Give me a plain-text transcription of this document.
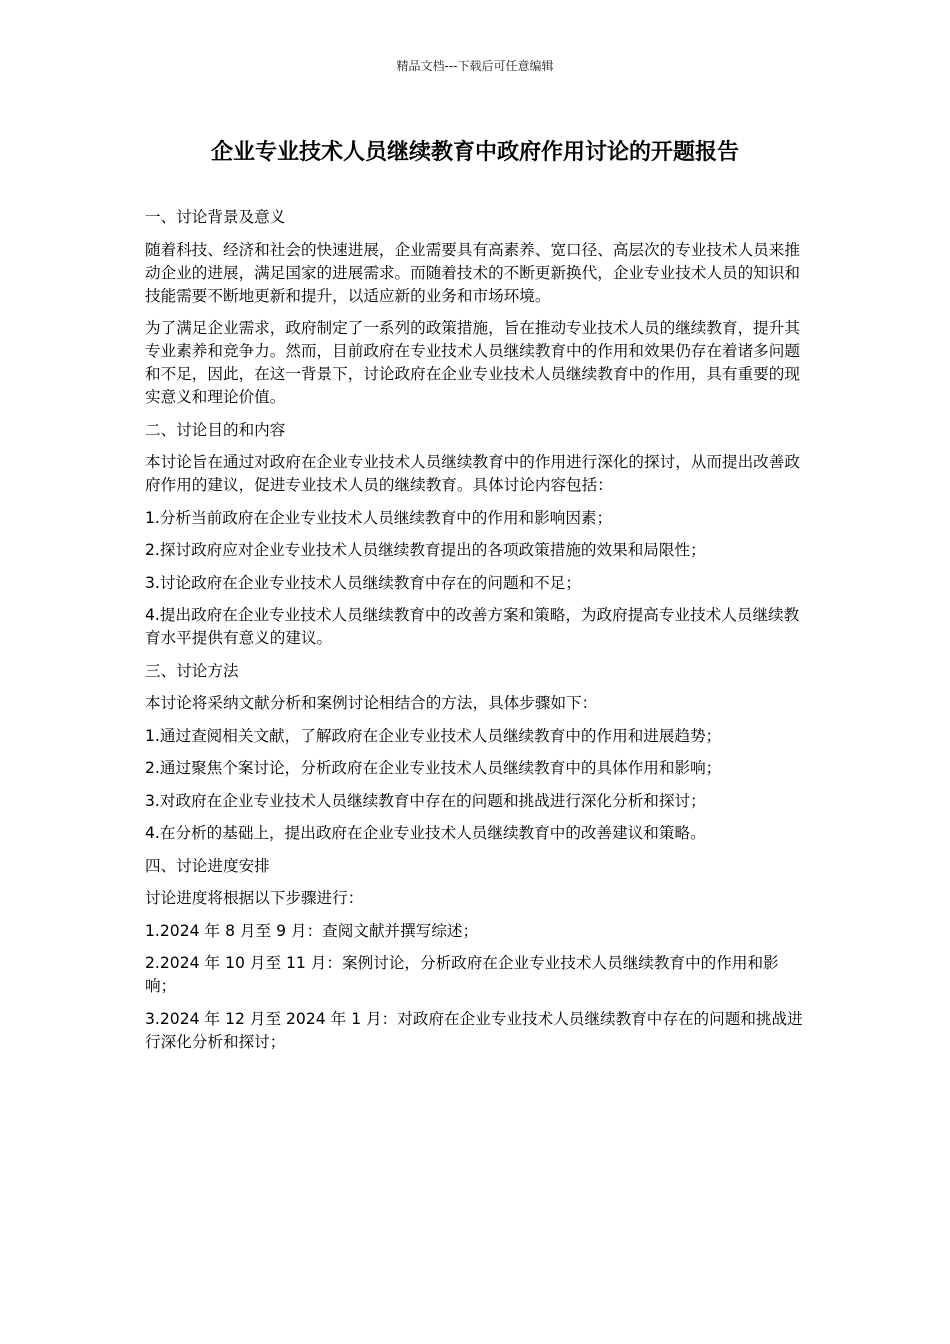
精品文档---下载后可任意编辑
企业专业技术人员继续教育中政府作用讨论的开题报告
一、讨论背景及意义

随着科技、经济和社会的快速进展，企业需要具有高素养、宽口径、高层次的专业技术人员来推动企业的进展，满足国家的进展需求。而随着技术的不断更新换代，企业专业技术人员的知识和技能需要不断地更新和提升，以适应新的业务和市场环境。

为了满足企业需求，政府制定了一系列的政策措施，旨在推动专业技术人员的继续教育，提升其专业素养和竞争力。然而，目前政府在专业技术人员继续教育中的作用和效果仍存在着诸多问题和不足，因此，在这一背景下，讨论政府在企业专业技术人员继续教育中的作用，具有重要的现实意义和理论价值。

二、讨论目的和内容

本讨论旨在通过对政府在企业专业技术人员继续教育中的作用进行深化的探讨，从而提出改善政府作用的建议，促进专业技术人员的继续教育。具体讨论内容包括：

1.分析当前政府在企业专业技术人员继续教育中的作用和影响因素；

2.探讨政府应对企业专业技术人员继续教育提出的各项政策措施的效果和局限性；

3.讨论政府在企业专业技术人员继续教育中存在的问题和不足；

4.提出政府在企业专业技术人员继续教育中的改善方案和策略，为政府提高专业技术人员继续教育水平提供有意义的建议。

三、讨论方法

本讨论将采纳文献分析和案例讨论相结合的方法，具体步骤如下：

1.通过查阅相关文献，了解政府在企业专业技术人员继续教育中的作用和进展趋势；

2.通过聚焦个案讨论，分析政府在企业专业技术人员继续教育中的具体作用和影响；

3.对政府在企业专业技术人员继续教育中存在的问题和挑战进行深化分析和探讨；

4.在分析的基础上，提出政府在企业专业技术人员继续教育中的改善建议和策略。

四、讨论进度安排

讨论进度将根据以下步骤进行：

1.2024 年 8 月至 9 月：查阅文献并撰写综述；

2.2024 年 10 月至 11 月：案例讨论，分析政府在企业专业技术人员继续教育中的作用和影响；

3.2024 年 12 月至 2024 年 1 月：对政府在企业专业技术人员继续教育中存在的问题和挑战进行深化分析和探讨；
